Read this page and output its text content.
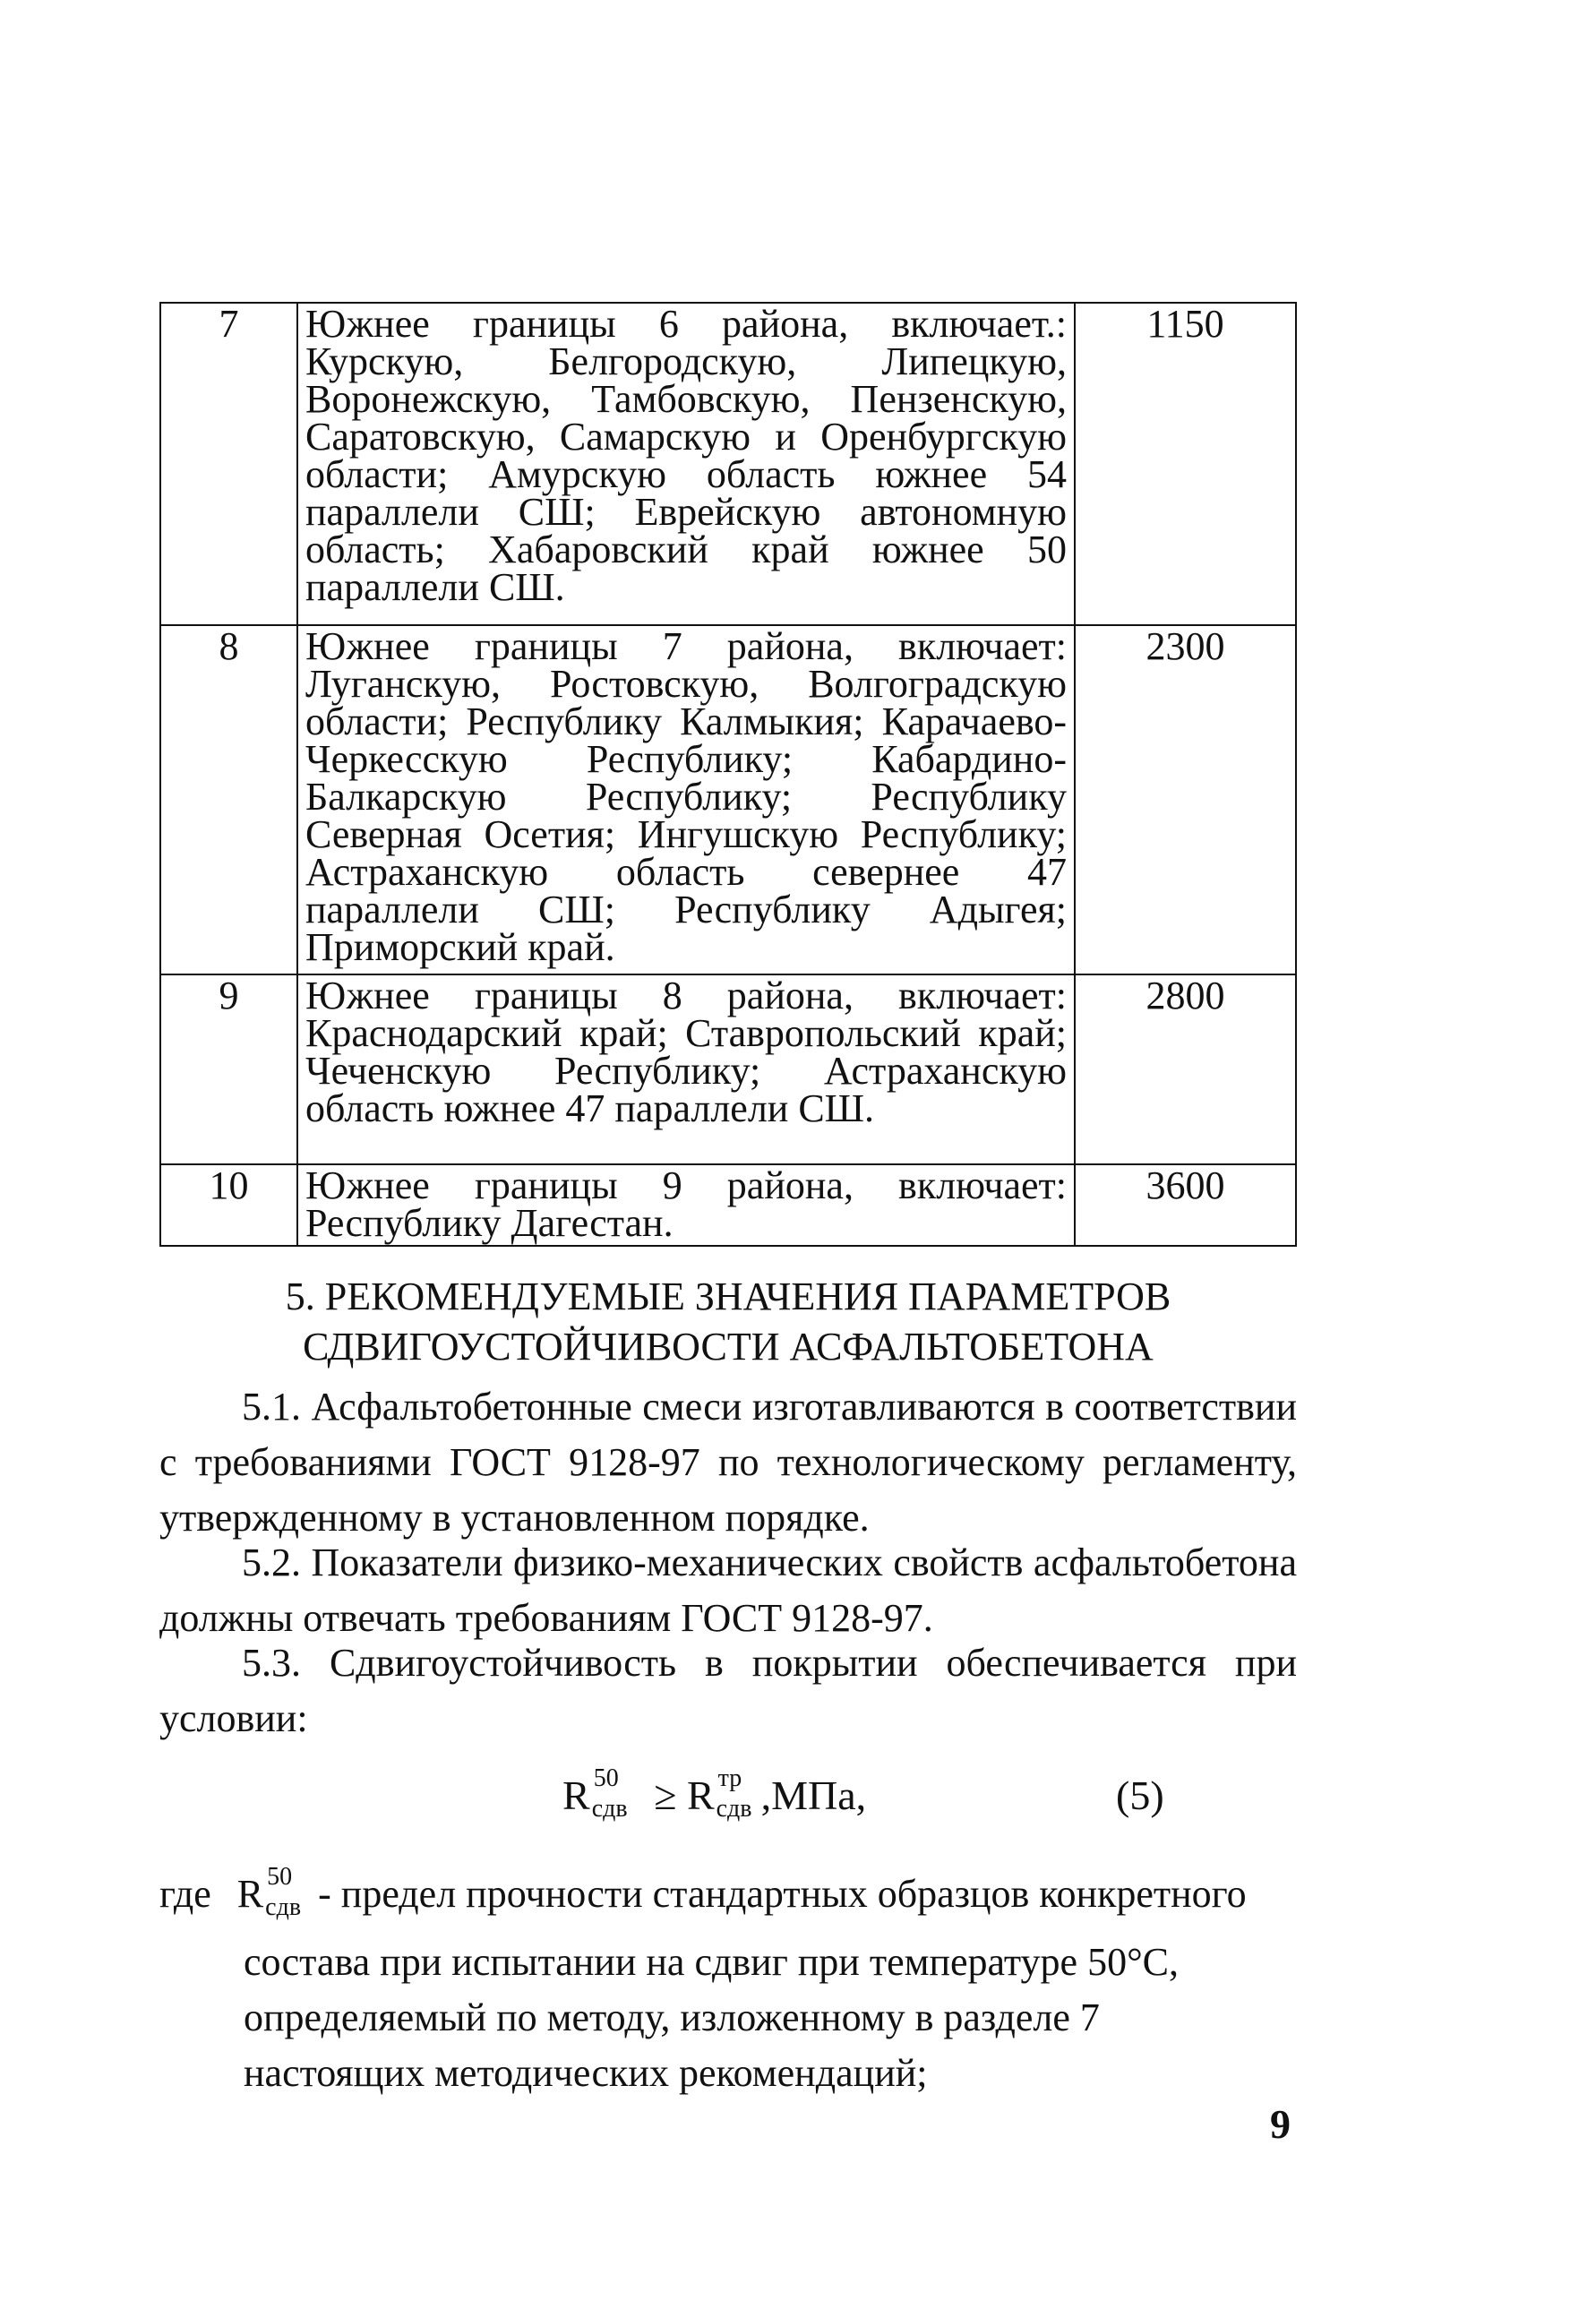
7	Южнее границы 6 района, включает.: Курскую, Белгородскую, Липецкую, Воронежскую, Тамбовскую, Пензенскую, Саратовскую, Самарскую и Оренбургскую области; Амурскую область южнее 54 параллели СШ; Еврейскую автономную область; Хабаровский край южнее 50 параллели СШ.	1150
8	Южнее границы 7 района, включает: Луганскую, Ростовскую, Волгоградскую области; Республику Калмыкия; Карачаево-Черкесскую Республику; Кабардино-Балкарскую Республику; Республику Северная Осетия; Ингушскую Республику; Астраханскую область севернее 47 параллели СШ; Республику Адыгея; Приморский край.	2300
9	Южнее границы 8 района, включает: Краснодарский край; Ставропольский край; Чеченскую Республику; Астраханскую область южнее 47 параллели СШ.	2800
10	Южнее границы 9 района, включает: Республику Дагестан.	3600
5. РЕКОМЕНДУЕМЫЕ ЗНАЧЕНИЯ ПАРАМЕТРОВ
СДВИГОУСТОЙЧИВОСТИ АСФАЛЬТОБЕТОНА
5.1. Асфальтобетонные смеси изготавливаются в соответствии с требованиями ГОСТ 9128-97 по технологическому регламенту, утвержденному в установленном порядке.
5.2. Показатели физико-механических свойств асфальтобетона должны отвечать требованиям ГОСТ 9128-97.
5.3. Сдвигоустойчивость в покрытии обеспечивается при условии:
R 50
сдв ≥ R тр
сдв ,МПа,	(5)
где R 50
сдв - предел прочности стандартных образцов конкретного
состава при испытании на сдвиг при температуре 50°С,
определяемый по методу, изложенному в разделе 7
настоящих методических рекомендаций;
9
